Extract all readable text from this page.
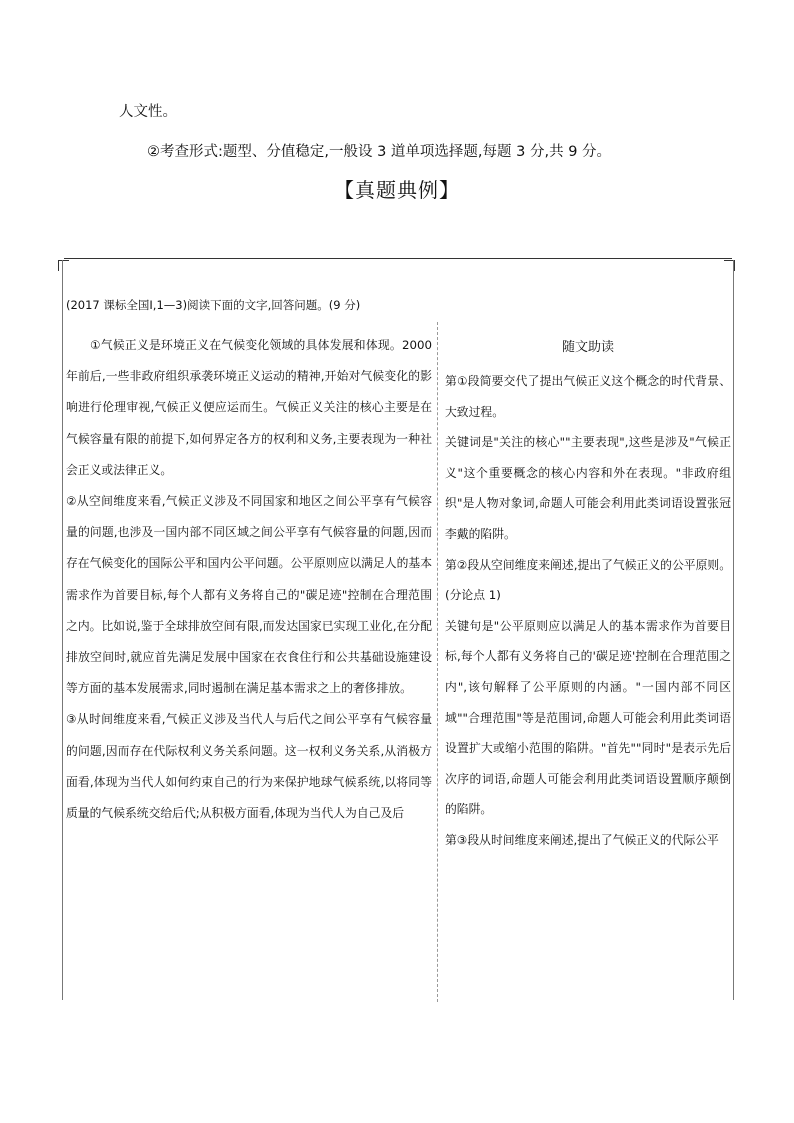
人文性。
②考查形式:题型、分值稳定,一般设 3 道单项选择题,每题 3 分,共 9 分。
【真题典例】
(2017 课标全国Ⅰ,1—3)阅读下面的文字,回答问题。(9 分)

①气候正义是环境正义在气候变化领域的具体发展和体现。2000 年前后,一些非政府组织承袭环境正义运动的精神,开始对气候变化的影响进行伦理审视,气候正义便应运而生。气候正义关注的核心主要是在气候容量有限的前提下,如何界定各方的权利和义务,主要表现为一种社会正义或法律正义。

②从空间维度来看,气候正义涉及不同国家和地区之间公平享有气候容量的问题,也涉及一国内部不同区域之间公平享有气候容量的问题,因而存在气候变化的国际公平和国内公平问题。公平原则应以满足人的基本需求作为首要目标,每个人都有义务将自己的"碳足迹"控制在合理范围之内。比如说,鉴于全球排放空间有限,而发达国家已实现工业化,在分配排放空间时,就应首先满足发展中国家在衣食住行和公共基础设施建设等方面的基本发展需求,同时遏制在满足基本需求之上的奢侈排放。

③从时间维度来看,气候正义涉及当代人与后代之间公平享有气候容量的问题,因而存在代际权利义务关系问题。这一权利义务关系,从消极方面看,体现为当代人如何约束自己的行为来保护地球气候系统,以将同等质量的气候系统交给后代;从积极方面看,体现为当代人为自己及后

随文助读

第①段简要交代了提出气候正义这个概念的时代背景、大致过程。

关键词是"关注的核心""主要表现",这些是涉及"气候正义"这个重要概念的核心内容和外在表现。"非政府组织"是人物对象词,命题人可能会利用此类词语设置张冠李戴的陷阱。

第②段从空间维度来阐述,提出了气候正义的公平原则。(分论点 1)

关键句是"公平原则应以满足人的基本需求作为首要目标,每个人都有义务将自己的'碳足迹'控制在合理范围之内",该句解释了公平原则的内涵。"一国内部不同区域""合理范围"等是范围词,命题人可能会利用此类词语设置扩大或缩小范围的陷阱。"首先""同时"是表示先后次序的词语,命题人可能会利用此类词语设置顺序颠倒的陷阱。

第③段从时间维度来阐述,提出了气候正义的代际公平
